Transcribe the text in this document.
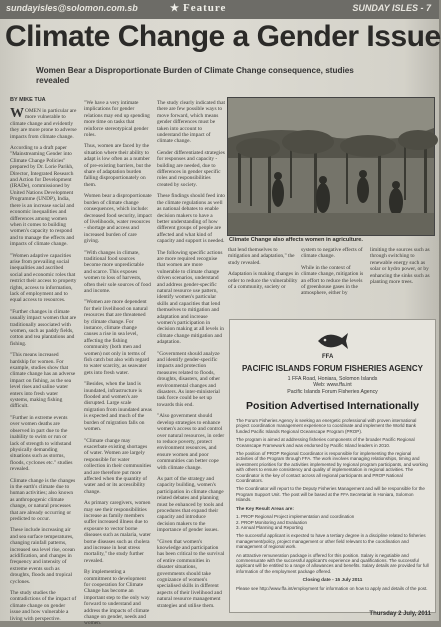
sundayisles@solomon.com.sb	★ Feature	SUNDAY ISLES - 7
Climate Change a Gender Issue
Women Bear a Disproportionate Burden of Climate Change consequence, studies revealed
BY MIKE TUA

WOMEN in particular are more vulnerable to climate change and evidently they are more prone to adverse impacts from climate change.

According to a draft paper "Mainstreaming Gender into Climate Change Policies" prepared by Dr. Lorie Parikh, Director, Integrated Research and Action for Development (IRADe), commissioned by United Nations Development Programme (UNDP), India, there is an increase social and economic inequalities and differences among women when it comes to building women's capacity to respond and to manage the effects and impacts of climate change.

"Women adaptive capacities arise from prevailing social inequalities and ascribed social and economic roles that restrict their access to property rights, access to information, lack of employment and to equal access to resources.

"Further changes in climate usually impact women that are traditionally associated with women, such as paddy fields, cotton and tea plantations and fishing.

"This means increased hardship for women. For example, studies show that climate change has an adverse impact on fishing, as the sea level rises and saline water enters into fresh water systems, making fishing difficult.

"Further in extreme events over women deaths are observed in part due to the inability to swim or run or lack of strength to withstand physically demanding situations such as storms, floods, cyclones etc." studies revealed.

Climate change is the changes in the earth's climate due to human activities; also known as anthropogenic climate change, or natural processes that are already occurring or predicted to occur.

These include increasing air and sea surface temperatures, changing rainfall patterns, increased sea level rise, ocean acidification, and changes in frequency and intensity of extreme events such as droughts, floods and tropical cyclones.

The study studies the contradictions of the impact of climate change on gender issue and how vulnerable a living with perspective.

"We have a very intimate implications for gender relations may end up spending more time on tasks that reinforce stereotypical gender roles.

Thus, women are faced by the situation where their ability to adapt is low often as a number of pre-existing barriers, but the share of adaptation burden falling disproportionately on them.

Women bear a disproportionate burden of climate change consequences, which include: decreased food security, impact of livelihoods, water resources - shortage and access and increased burden of care giving.

"With changes in climate, traditional food sources become more unpredictable and scarce. This exposes women to loss of harvests, often their sole sources of food and income.

"Women are more dependent for their livelihood on natural resources that are threatened by climate change. For instance, climate change causes a rise in sea level, affecting the fishing community (both men and women) not only in terms of fish catch but also with regard to water scarcity, as seawater gets into fresh water.

"Besides, when the land is inundated, infrastructure is flooded and women's are disrupted. Large scale migration from inundated areas is expected and much of the burden of migration falls on women.

"Climate change may exacerbate existing shortages of water. Women are largely responsible for water collection in their communities and are therefore put more affected when the quantity of water and or its accessibility change.

As primary caregivers, women may see their responsibilities increase as family members suffer increased illness due to exposure to vector borne diseases such as malaria, water borne diseases such as cholera and increase in heat stress mortality," the study further revealed.

By implementing a commitment to development for cooperation for Climate Change has become an important step to the only way forward to understand and address the impacts of climate change on gender, needs and women.

The study clearly indicated that there are few possible ways to move forward, which means gender differences must be taken into account to understand the impact of climate change.

Gender differentiated strategies for responses and capacity - building are needed, due to differences in gender specific roles and responsibilities created by society.

These findings should feed into the climate regulations as well as national debates to enable decision makers to have a better understanding of how different groups of people are affected and what kind of capacity and support is needed.

The following specific actions are more required recognise that women are more vulnerable to climate change driven scenarios, understand and address gender-specific natural resource use pattern, identify women's particular skills and capacities that lend themselves to mitigation and adaptation and increase women's participation in decision making at all levels in climate change mitigation and adaptation.

"Government should analyze and identify gender-specific impacts and protection measures related to floods, droughts, disasters, and other environmental changes and disasters. As inter-ministerial task force could be set up towards this end.

"Also government should develop strategies to enhance women's access to and control over natural resources, in order to reduce poverty, protect environment resources, and ensure women and poor communities can better cope with climate change.

As part of the strategy and capacity building, women's participation in climate change related debates and planning must be enhanced by tools and procedures that expand their capacity and introduce decision makers to the importance of gender issues.

"Given that women's knowledge and participation has been critical to the survival of entire communities in disaster situations, governments should take cognizance of women's specialised skills in different aspects of their livelihood and natural resource management strategies and utilise them.

Climate Change also affects women in agriculture.

that lend themselves to mitigation and adaptation," the study revealed.

Adaptation is making changes in order to reduce the vulnerability of a community, society or

system to negative effects of climate change.

While in the context of climate change, mitigation is an effort to reduce the levels of greenhouse gases in the atmosphere, either by

limiting the sources such as through switching to renewable energy such as solar or hydro power, or by enhancing the sinks such as planting more trees.

FFA
PACIFIC ISLANDS FORUM FISHERIES AGENCY
1 FFA Road, Honiara, Solomon Islands
Web: www.ffa.int
Pacific Islands Forum Fisheries Agency
Position Advertised Internationally

The Forum Fisheries Agency is seeking an energetic professional with proven international project coordination management experience to coordinate and implement the World Bank funded Pacific Islands Regional Oceanscape Program (PROP).

The program is aimed at addressing fisheries components of the broader Pacific Regional Oceanscape Framework and was endorsed by Pacific Island leaders in 2010.

The position of PROP Regional Coordinator is responsible for implementing the regional activities of the Program through FFA. The work involves managing relationships, timing and investment priorities for the activities implemented by regional program participants, and working with others to ensure consistency and quality of implementation in regional activities. The Coordinator is the key of contact across all regional participants and PROP National Coordinators.

The Coordinator will report to the Deputy Fisheries Management and will be responsible for the Program Support Unit. The post will be based at the FFA Secretariat in Honiara, Solomon Islands.

The Key Result Areas are:

1. PROP Regional Project implementation and coordination
2. PROP Monitoring and Evaluation

3. Annual Planning and Reporting

The successful applicant is expected to have a tertiary degree in a discipline related to fisheries management/policy, project management or other field relevant to the coordination and management of regional work.

An attractive remuneration package is offered for this position. Salary is negotiable and commensurate with the successful applicant's experience and qualifications. The successful applicant will be entitled to a range of allowances and benefits. Salary details are provided for full information of the employment package offered.

Closing date - 15 July 2011

Please see http://www.ffa.int/employment for information on how to apply and details of the post.

Thursday 2 July, 2011
